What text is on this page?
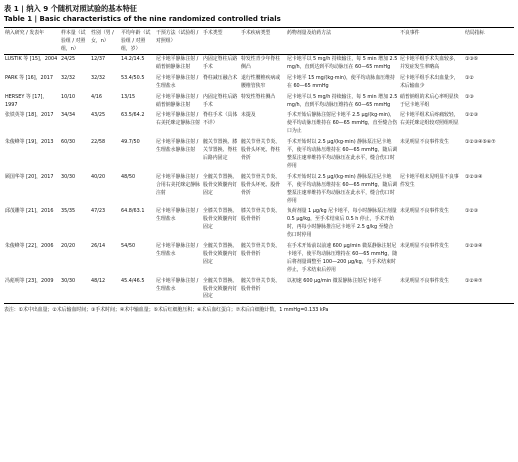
表 1 | 纳入 9 个随机对照试验的基本特征
Table 1 | Basic characteristics of the nine randomized controlled trials
纳入研究 / 发表年	样本量（试验组 / 对照组，n）	性别（男 / 女，n）	平均年龄（试验组 / 对照组，岁）	干预方法（试验组 / 对照组）	手术类型	手术疾病类型	药物剂量及给药方法	不良事件	结局指标
LUSTIK 等 [15]，2004	24/25	12/37	14.2/14.5	尼卡地平静脉注射 / 硝普钠静脉注射	内固定脊柱后路手术	特发性青少年脊柱侧凸	尼卡地平以 5 mg/h 持续输注，每 5 min 增加 2.5 mg/h，直到达到平均动脉压在 60—65 mmHg	尼卡地平组手术失血较多，并发症发生率略高	①③⑤
PARK 等 [16]，2017	32/32	32/32	53.4/50.5	尼卡地平静脉注射 / 生理盐水	脊柱减压融合术	退行性腰椎疾病或腰椎管狭窄	尼卡地平 15 mg/(kg·min)，使平均动脉血压维持在 60—65 mmHg	尼卡地平组手术出血量少，术后输血少	①②
HERSEY 等 [17]，1997	10/10	4/16	13/15	尼卡地平静脉注射 / 硝普钠静脉注射	内固定脊柱后路手术	特发性脊柱侧凸	尼卡地平以 5 mg/h 持续输注，每 5 min 增加 2.5 mg/h，直到平均动脉压维持在 60—65 mmHg	硝普钠组的术后心率明显快于尼卡地平组	①③
张铁英等 [18]，2017	34/34	43/25	63.5/64.2	尼卡地平静脉注射 / 右美托咪定静脉注射	脊柱手术（具体不详）	未提及	手术开始后静脉注射尼卡地平 2.5 μg/(kg·min)，使平均动脉压维持在 60—65 mmHg，直至缝合伤口为止	尼卡地平组术后疼痛较轻，右美托咪定组较对照组明显	①②③
朱俊峰等 [19]，2013	60/30	22/58	49.7/50	尼卡地平静脉注射 / 生理盐水静脉注射	髋关节置换、膝关节置换、脊柱后路内固定	髋关节骨关节炎、股骨头坏死、脊柱骨折	手术开始时以 2.5 μg/(kg·min) 静脉泵注尼卡地平，使平均动脉压维持在 60—65 mmHg，随后调整泵注速率维持平均动脉压在此水平，缝合伤口时停用	未见明显不良事件发生	①②③④⑤⑥⑦
顾国华等 [20]，2017	30/30	40/20	48/50	尼卡地平静脉注射 / 合用右美托咪定静脉注射	全髋关节置换、股骨交锁髓内钉固定	髋关节骨关节炎、股骨头坏死、股骨骨折	手术开始时以 2.5 μg/(kg·min) 静脉泵注尼卡地平，使平均动脉压维持在 60—65 mmHg，随后调整泵注速率维持平均动脉压在此水平，缝合伤口时停用	尼卡地平组未见明显不良事件发生	①②③④
邱茂雕等 [21]，2016	35/35	47/23	64.8/63.1	尼卡地平静脉注射 / 生理盐水	全膝关节置换、股骨交锁髓内钉固定	膝关节骨关节炎、股骨骨折	负荷剂量 1 μg/kg 尼卡地平，每小时静脉泵注剂量 0.5 μg/kg，至手术结束后 0.5 h 停止，手术开始时，再每小时静脉推注尼卡地平 2.5 g/kg 至缝合伤口时停用	未见明显不良事件发生	①②③
朱俊峰等 [22]，2006	20/20	26/14	54/50	尼卡地平静脉注射 / 生理盐水	全髋关节置换、股骨交锁髓内钉固定	髋关节骨关节炎、股骨骨折	在手术开始前以前速 600 μg/min 微泵静脉注射尼卡地平，使平均动脉压维持在 60—65 mmHg，随后将剂量调整至 100—200 μg/kg，与手术结束时停止，手术结束后停用	未见明显不良事件发生	①②③④
冯彪明等 [23]，2009	30/30	48/12	45.4/46.5	尼卡地平静脉注射 / 生理盐水	全髋关节置换、股骨交锁髓内钉固定	髋关节骨关节炎、股骨骨折	以初速 600 μg/min 微泵静脉注射尼卡地平	未见明显不良事件发生	①②④⑦
表注：①术中出血量；②术后输血时间；③手术时间；④术中输血量；⑤术后红细胞压积；⑥术后血红蛋白；⑦术后白细胞计数。1 mmHg=0.133 kPa
